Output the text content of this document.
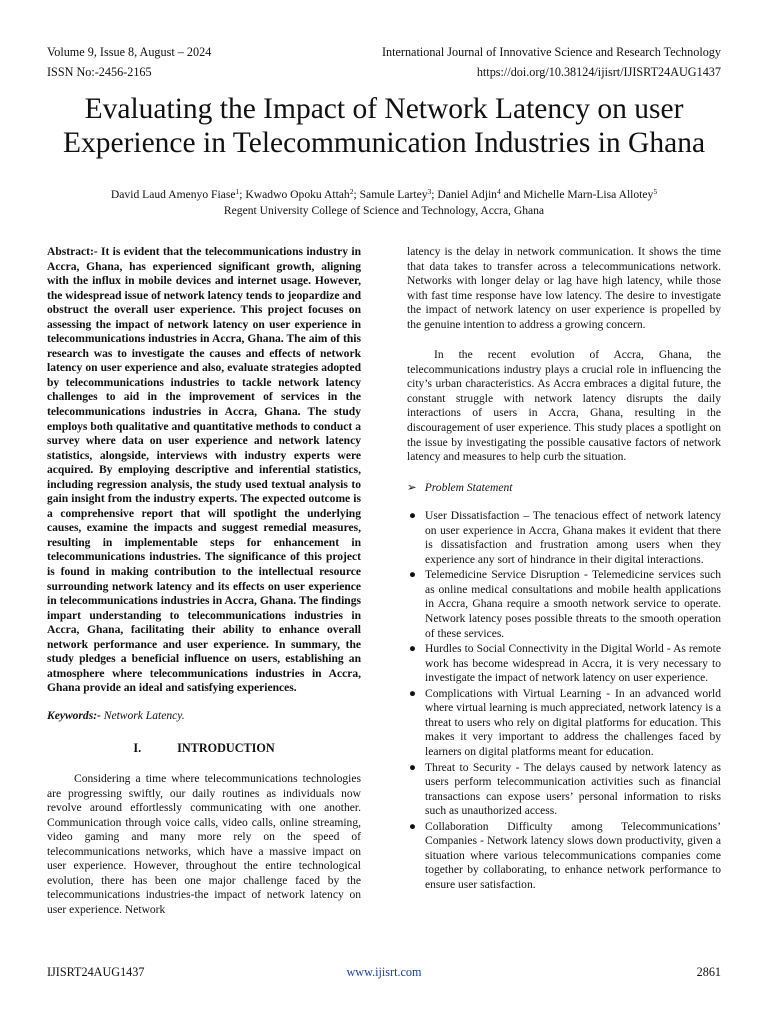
Volume 9, Issue 8, August – 2024	International Journal of Innovative Science and Research Technology
ISSN No:-2456-2165	https://doi.org/10.38124/ijisrt/IJISRT24AUG1437
Evaluating the Impact of Network Latency on user
Experience in Telecommunication Industries in Ghana
David Laud Amenyo Fiase$^1$; Kwadwo Opoku Attah$^2$; Samule Lartey$^3$; Daniel Adjin$^4$ and Michelle Marn-Lisa Allotey$^5$
Regent University College of Science and Technology, Accra, Ghana

Abstract:- It is evident that the telecommunications industry in Accra, Ghana, has experienced significant growth, aligning with the influx in mobile devices and internet usage. However, the widespread issue of network latency tends to jeopardize and obstruct the overall user experience. This project focuses on assessing the impact of network latency on user experience in telecommunications industries in Accra, Ghana. The aim of this research was to investigate the causes and effects of network latency on user experience and also, evaluate strategies adopted by telecommunications industries to tackle network latency challenges to aid in the improvement of services in the telecommunications industries in Accra, Ghana. The study employs both qualitative and quantitative methods to conduct a survey where data on user experience and network latency statistics, alongside, interviews with industry experts were acquired. By employing descriptive and inferential statistics, including regression analysis, the study used textual analysis to gain insight from the industry experts. The expected outcome is a comprehensive report that will spotlight the underlying causes, examine the impacts and suggest remedial measures, resulting in implementable steps for enhancement in telecommunications industries. The significance of this project is found in making contribution to the intellectual resource surrounding network latency and its effects on user experience in telecommunications industries in Accra, Ghana. The findings impart understanding to telecommunications industries in Accra, Ghana, facilitating their ability to enhance overall network performance and user experience. In summary, the study pledges a beneficial influence on users, establishing an atmosphere where telecommunications industries in Accra, Ghana provide an ideal and satisfying experiences.

Keywords:- Network Latency.

I.	INTRODUCTION

Considering a time where telecommunications technologies are progressing swiftly, our daily routines as individuals now revolve around effortlessly communicating with one another. Communication through voice calls, video calls, online streaming, video gaming and many more rely on the speed of telecommunications networks, which have a massive impact on user experience. However, throughout the entire technological evolution, there has been one major challenge faced by the telecommunications industries-the impact of network latency on user experience. Network

latency is the delay in network communication. It shows the time that data takes to transfer across a telecommunications network. Networks with longer delay or lag have high latency, while those with fast time response have low latency. The desire to investigate the impact of network latency on user experience is propelled by the genuine intention to address a growing concern.

In the recent evolution of Accra, Ghana, the telecommunications industry plays a crucial role in influencing the city’s urban characteristics. As Accra embraces a digital future, the constant struggle with network latency disrupts the daily interactions of users in Accra, Ghana, resulting in the discouragement of user experience. This study places a spotlight on the issue by investigating the possible causative factors of network latency and measures to help curb the situation.

➢ Problem Statement

● User Dissatisfaction – The tenacious effect of network latency on user experience in Accra, Ghana makes it evident that there is dissatisfaction and frustration among users when they experience any sort of hindrance in their digital interactions.
● Telemedicine Service Disruption - Telemedicine services such as online medical consultations and mobile health applications in Accra, Ghana require a smooth network service to operate. Network latency poses possible threats to the smooth operation of these services.
● Hurdles to Social Connectivity in the Digital World - As remote work has become widespread in Accra, it is very necessary to investigate the impact of network latency on user experience.
● Complications with Virtual Learning - In an advanced world where virtual learning is much appreciated, network latency is a threat to users who rely on digital platforms for education. This makes it very important to address the challenges faced by learners on digital platforms meant for education.
● Threat to Security - The delays caused by network latency as users perform telecommunication activities such as financial transactions can expose users’ personal information to risks such as unauthorized access.
● Collaboration Difficulty among Telecommunications’ Companies - Network latency slows down productivity, given a situation where various telecommunications companies come together by collaborating, to enhance network performance to ensure user satisfaction.
IJISRT24AUG1437	www.ijisrt.com	2861
